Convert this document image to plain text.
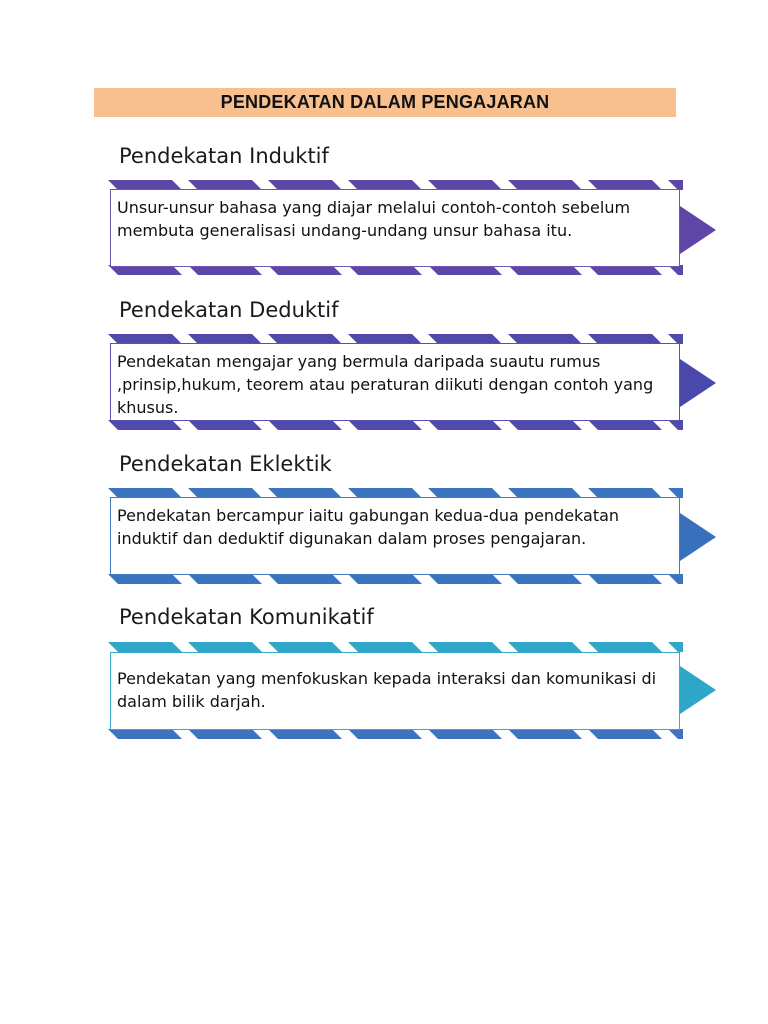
PENDEKATAN DALAM PENGAJARAN
Pendekatan Induktif
Unsur-unsur bahasa yang diajar melalui contoh-contoh sebelum membuta generalisasi undang-undang unsur bahasa itu.
Pendekatan Deduktif
Pendekatan mengajar yang bermula daripada suautu rumus ,prinsip,hukum, teorem atau peraturan diikuti dengan contoh yang khusus.
Pendekatan Eklektik
Pendekatan bercampur iaitu gabungan kedua-dua pendekatan induktif dan deduktif digunakan dalam proses pengajaran.
Pendekatan Komunikatif
Pendekatan yang menfokuskan kepada interaksi dan komunikasi di dalam bilik darjah.
